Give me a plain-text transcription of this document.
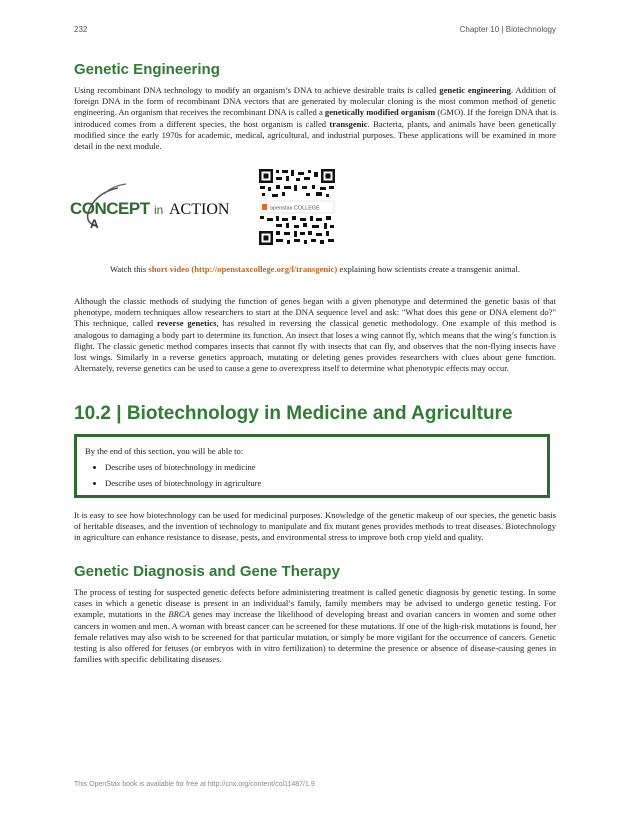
232	Chapter 10 | Biotechnology
Genetic Engineering

Using recombinant DNA technology to modify an organism’s DNA to achieve desirable traits is called genetic engineering. Addition of foreign DNA in the form of recombinant DNA vectors that are generated by molecular cloning is the most common method of genetic engineering. An organism that receives the recombinant DNA is called a genetically modified organism (GMO). If the foreign DNA that is introduced comes from a different species, the host organism is called transgenic. Bacteria, plants, and animals have been genetically modified since the early 1970s for academic, medical, agricultural, and industrial purposes. These applications will be examined in more detail in the next module.

CONCEPT in ACTION
A
openstax COLLEGE

Watch this short video (http://openstaxcollege.org/l/transgenic) explaining how scientists create a transgenic animal.

Although the classic methods of studying the function of genes began with a given phenotype and determined the genetic basis of that phenotype, modern techniques allow researchers to start at the DNA sequence level and ask: "What does this gene or DNA element do?" This technique, called reverse genetics, has resulted in reversing the classical genetic methodology. One example of this method is analogous to damaging a body part to determine its function. An insect that loses a wing cannot fly, which means that the wing’s function is flight. The classic genetic method compares insects that cannot fly with insects that can fly, and observes that the non-flying insects have lost wings. Similarly in a reverse genetics approach, mutating or deleting genes provides researchers with clues about gene function. Alternately, reverse genetics can be used to cause a gene to overexpress itself to determine what phenotypic effects may occur.

10.2 | Biotechnology in Medicine and Agriculture

By the end of this section, you will be able to:

• Describe uses of biotechnology in medicine
• Describe uses of biotechnology in agriculture

It is easy to see how biotechnology can be used for medicinal purposes. Knowledge of the genetic makeup of our species, the genetic basis of heritable diseases, and the invention of technology to manipulate and fix mutant genes provides methods to treat diseases. Biotechnology in agriculture can enhance resistance to disease, pests, and environmental stress to improve both crop yield and quality.

Genetic Diagnosis and Gene Therapy

The process of testing for suspected genetic defects before administering treatment is called genetic diagnosis by genetic testing. In some cases in which a genetic disease is present in an individual’s family, family members may be advised to undergo genetic testing. For example, mutations in the BRCA genes may increase the likelihood of developing breast and ovarian cancers in women and some other cancers in women and men. A woman with breast cancer can be screened for these mutations. If one of the high-risk mutations is found, her female relatives may also wish to be screened for that particular mutation, or simply be more vigilant for the occurrence of cancers. Genetic testing is also offered for fetuses (or embryos with in vitro fertilization) to determine the presence or absence of disease-causing genes in families with specific debilitating diseases.

This OpenStax book is available for free at http://cnx.org/content/col11487/1.9
